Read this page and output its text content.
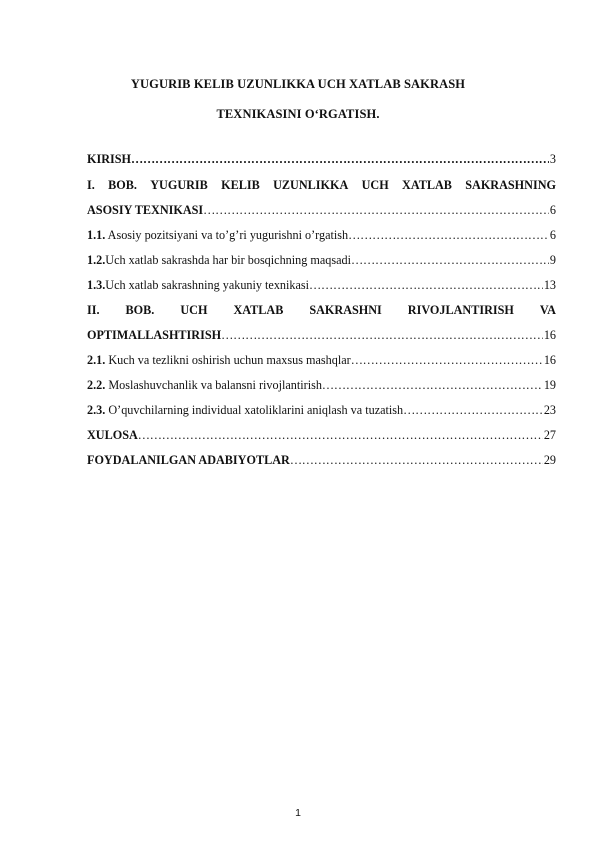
YUGURIB KELIB UZUNLIKKA UCH XATLAB SAKRASH
TEXNIKASINI O‘RGATISH.
KIRISH ……………………………………………………………………………………………………………………………………	3
I. BOB. YUGURIB KELIB UZUNLIKKA UCH XATLAB SAKRASHNING
ASOSIY TEXNIKASI ……………………………………………………………………………………………………………………………………	6
1.1. Asosiy pozitsiyani va to’g’ri yugurishni o’rgatish ……………………………………………………………………………………………………………………………………	6
1.2.Uch xatlab sakrashda har bir bosqichning maqsadi ……………………………………………………………………………………………………………………………………	9
1.3.Uch xatlab sakrashning yakuniy texnikasi ……………………………………………………………………………………………………………………………………	13
II. BOB. UCH XATLAB SAKRASHNI RIVOJLANTIRISH VA
OPTIMALLASHTIRISH ……………………………………………………………………………………………………………………………………	16
2.1. Kuch va tezlikni oshirish uchun maxsus mashqlar ……………………………………………………………………………………………………………………………………	16
2.2. Moslashuvchanlik va balansni rivojlantirish ……………………………………………………………………………………………………………………………………	19
2.3. O’quvchilarning individual xatoliklarini aniqlash va tuzatish ……………………………………………………………………………………………………………………………………	23
XULOSA ……………………………………………………………………………………………………………………………………	27
FOYDALANILGAN ADABIYOTLAR ……………………………………………………………………………………………………………………………………	29
1
